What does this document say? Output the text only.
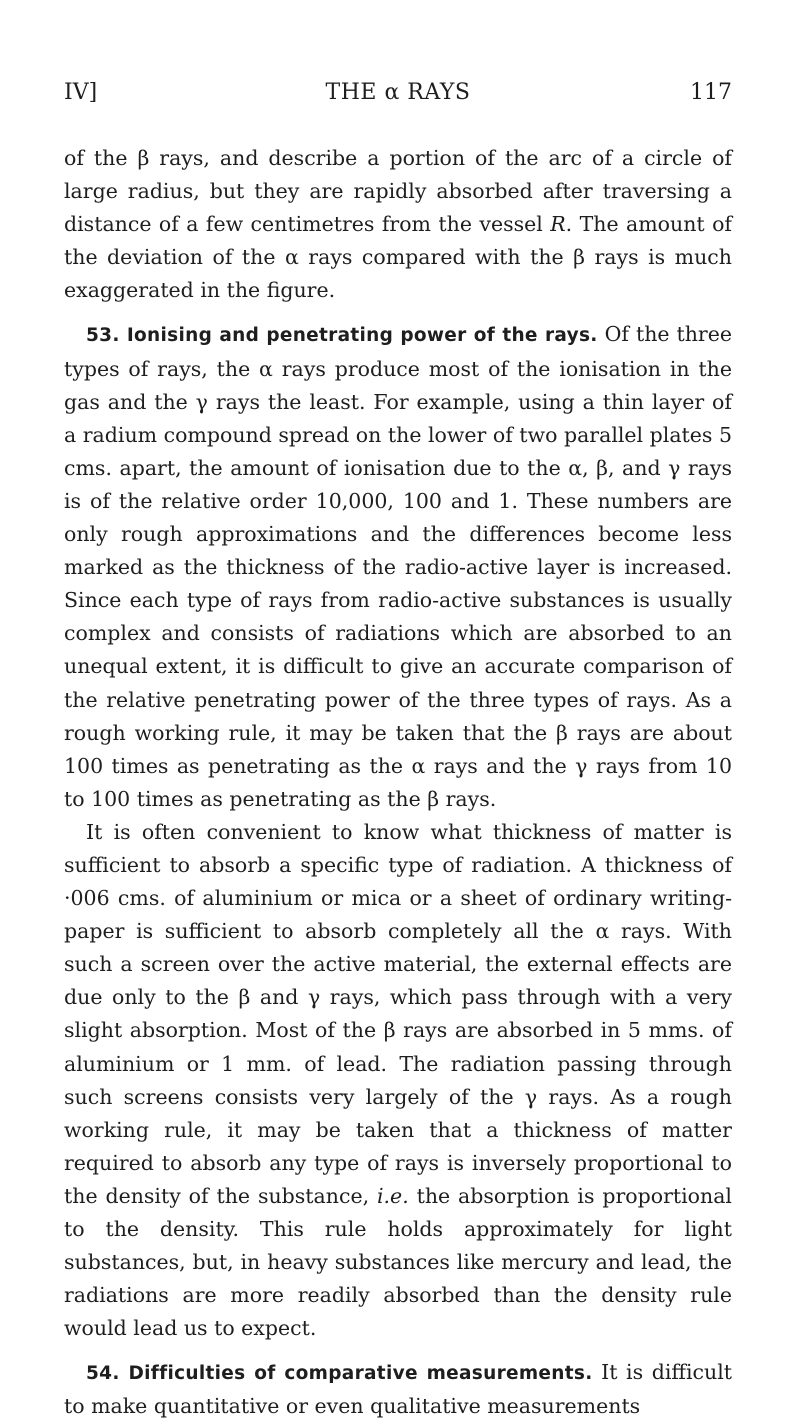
IV]	THE α RAYS	117

of the β rays, and describe a portion of the arc of a circle of large radius, but they are rapidly absorbed after traversing a distance of a few centimetres from the vessel R. The amount of the deviation of the α rays compared with the β rays is much exaggerated in the figure.

53. Ionising and penetrating power of the rays. Of the three types of rays, the α rays produce most of the ionisation in the gas and the γ rays the least. For example, using a thin layer of a radium compound spread on the lower of two parallel plates 5 cms. apart, the amount of ionisation due to the α, β, and γ rays is of the relative order 10,000, 100 and 1. These numbers are only rough approximations and the differences become less marked as the thickness of the radio-active layer is increased. Since each type of rays from radio-active substances is usually complex and consists of radiations which are absorbed to an unequal extent, it is difficult to give an accurate comparison of the relative penetrating power of the three types of rays. As a rough working rule, it may be taken that the β rays are about 100 times as penetrating as the α rays and the γ rays from 10 to 100 times as penetrating as the β rays.

It is often convenient to know what thickness of matter is sufficient to absorb a specific type of radiation. A thickness of ·006 cms. of aluminium or mica or a sheet of ordinary writing-paper is sufficient to absorb completely all the α rays. With such a screen over the active material, the external effects are due only to the β and γ rays, which pass through with a very slight absorption. Most of the β rays are absorbed in 5 mms. of aluminium or 1 mm. of lead. The radiation passing through such screens consists very largely of the γ rays. As a rough working rule, it may be taken that a thickness of matter required to absorb any type of rays is inversely proportional to the density of the substance, i.e. the absorption is proportional to the density. This rule holds approximately for light substances, but, in heavy substances like mercury and lead, the radiations are more readily absorbed than the density rule would lead us to expect.

54. Difficulties of comparative measurements. It is difficult to make quantitative or even qualitative measurements
